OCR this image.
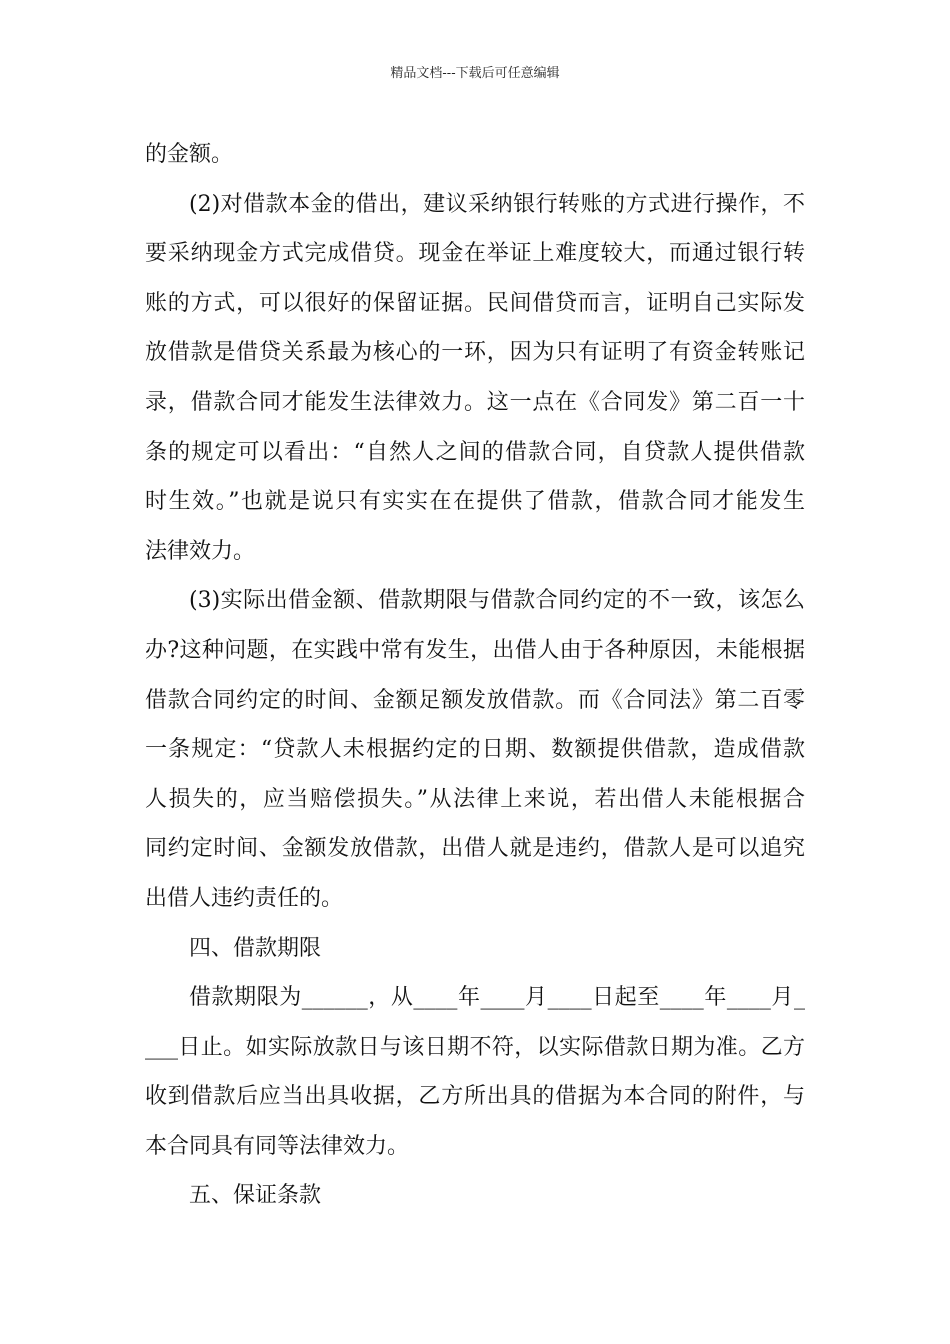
精品文档---下载后可任意编辑
的金额。
(2)对借款本金的借出，建议采纳银行转账的方式进行操作，不
要采纳现金方式完成借贷。现金在举证上难度较大，而通过银行转
账的方式，可以很好的保留证据。民间借贷而言，证明自己实际发
放借款是借贷关系最为核心的一环，因为只有证明了有资金转账记
录，借款合同才能发生法律效力。这一点在《合同发》第二百一十
条的规定可以看出：“自然人之间的借款合同，自贷款人提供借款
时生效。”也就是说只有实实在在提供了借款，借款合同才能发生
法律效力。
(3)实际出借金额、借款期限与借款合同约定的不一致，该怎么
办?这种问题，在实践中常有发生，出借人由于各种原因，未能根据
借款合同约定的时间、金额足额发放借款。而《合同法》第二百零
一条规定：“贷款人未根据约定的日期、数额提供借款，造成借款
人损失的，应当赔偿损失。”从法律上来说，若出借人未能根据合
同约定时间、金额发放借款，出借人就是违约，借款人是可以追究
出借人违约责任的。
四、借款期限
借款期限为______，从____年____月____日起至____年____月_
___日止。如实际放款日与该日期不符，以实际借款日期为准。乙方
收到借款后应当出具收据，乙方所出具的借据为本合同的附件，与
本合同具有同等法律效力。
五、保证条款
